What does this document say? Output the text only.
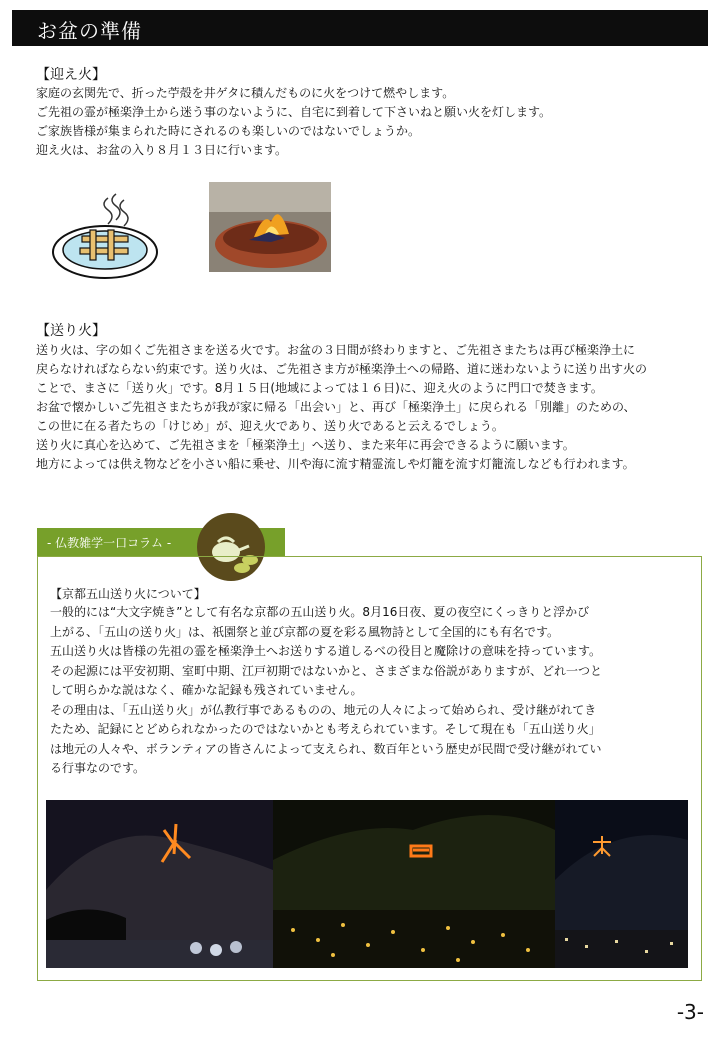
お盆の準備
【迎え火】
家庭の玄関先で、折った苧殻を井ゲタに積んだものに火をつけて燃やします。
ご先祖の霊が極楽浄土から迷う事のないように、自宅に到着して下さいねと願い火を灯します。
ご家族皆様が集まられた時にされるのも楽しいのではないでしょうか。
迎え火は、お盆の入り８月１３日に行います。
【送り火】
送り火は、字の如くご先祖さまを送る火です。お盆の３日間が終わりますと、ご先祖さまたちは再び極楽浄土に
戻らなければならない約束です。送り火は、ご先祖さま方が極楽浄土への帰路、道に迷わないように送り出す火の
ことで、まさに「送り火」です。8月１５日(地域によっては１６日)に、迎え火のように門口で焚きます。
お盆で懐かしいご先祖さまたちが我が家に帰る「出会い」と、再び「極楽浄土」に戻られる「別離」のための、
この世に在る者たちの「けじめ」が、迎え火であり、送り火であると云えるでしょう。
送り火に真心を込めて、ご先祖さまを「極楽浄土」へ送り、また来年に再会できるように願います。
地方によっては供え物などを小さい船に乗せ、川や海に流す精霊流しや灯籠を流す灯籠流しなども行われます。
- 仏教雑学一口コラム -
【京都五山送り火について】
一般的には“大文字焼き”として有名な京都の五山送り火。8月16日夜、夏の夜空にくっきりと浮かび
上がる、「五山の送り火」は、祇園祭と並び京都の夏を彩る風物詩として全国的にも有名です。
五山送り火は皆様の先祖の霊を極楽浄土へお送りする道しるべの役目と魔除けの意味を持っています。
その起源には平安初期、室町中期、江戸初期ではないかと、さまざまな俗説がありますが、どれ一つと
して明らかな説はなく、確かな記録も残されていません。
その理由は、「五山送り火」が仏教行事であるものの、地元の人々によって始められ、受け継がれてき
たため、記録にとどめられなかったのではないかとも考えられています。そして現在も「五山送り火」
は地元の人々や、ボランティアの皆さんによって支えられ、数百年という歴史が民間で受け継がれてい
る行事なのです。
-3-
